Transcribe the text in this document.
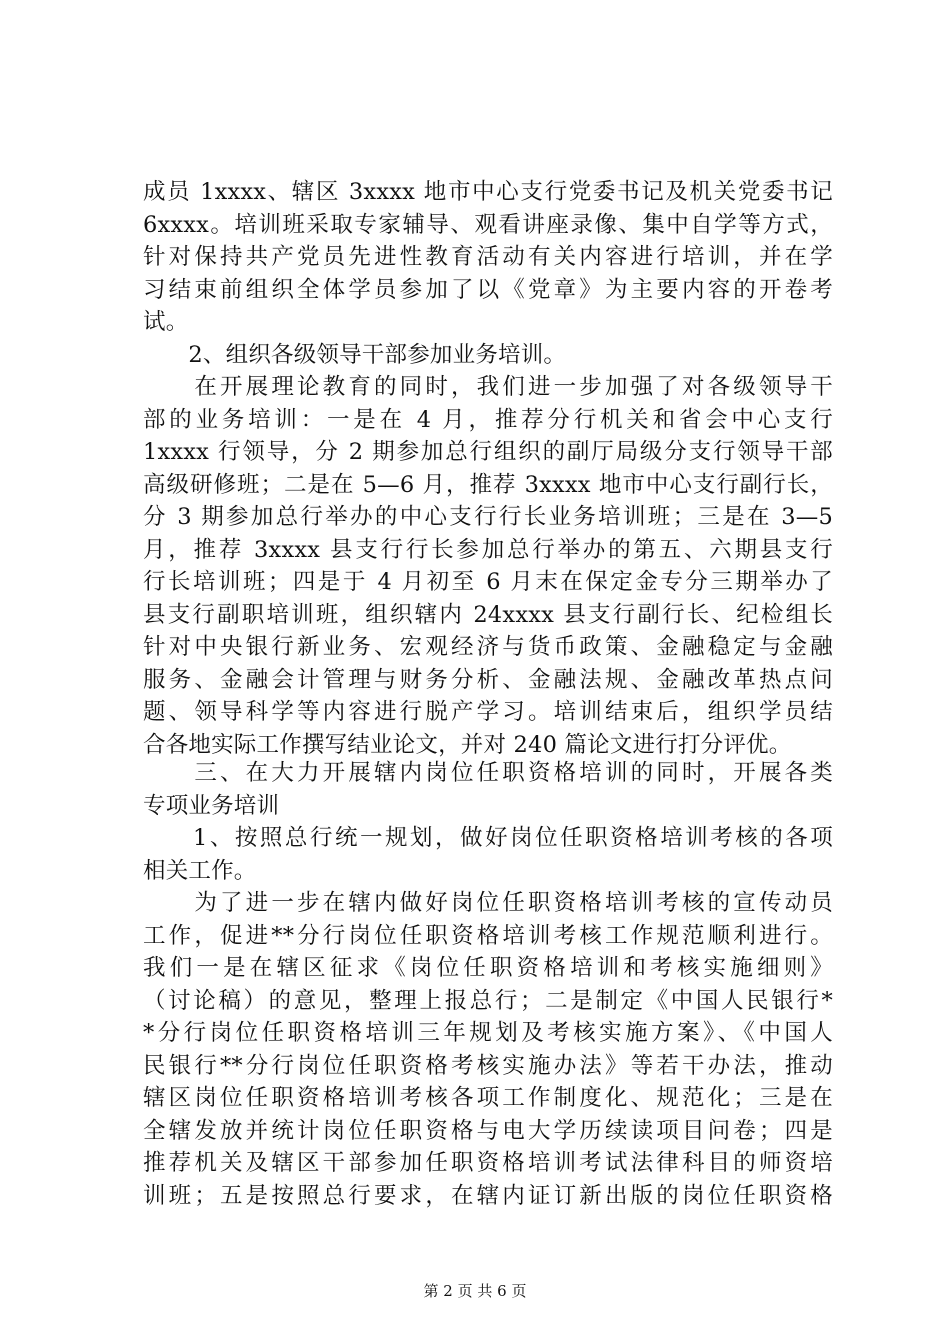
成员 1xxxx、辖区 3xxxx 地市中心支行党委书记及机关党委书记
6xxxx。培训班采取专家辅导、观看讲座录像、集中自学等方式，
针对保持共产党员先进性教育活动有关内容进行培训，并在学
习结束前组织全体学员参加了以《党章》为主要内容的开卷考
试。
　　2、组织各级领导干部参加业务培训。
　　在开展理论教育的同时，我们进一步加强了对各级领导干
部的业务培训：一是在 4 月，推荐分行机关和省会中心支行
1xxxx 行领导，分 2 期参加总行组织的副厅局级分支行领导干部
高级研修班；二是在 5—6 月，推荐 3xxxx 地市中心支行副行长，
分 3 期参加总行举办的中心支行行长业务培训班；三是在 3—5
月，推荐 3xxxx 县支行行长参加总行举办的第五、六期县支行
行长培训班；四是于 4 月初至 6 月末在保定金专分三期举办了
县支行副职培训班，组织辖内 24xxxx 县支行副行长、纪检组长
针对中央银行新业务、宏观经济与货币政策、金融稳定与金融
服务、金融会计管理与财务分析、金融法规、金融改革热点问
题、领导科学等内容进行脱产学习。培训结束后，组织学员结
合各地实际工作撰写结业论文，并对 240 篇论文进行打分评优。
　　三、在大力开展辖内岗位任职资格培训的同时，开展各类
专项业务培训
　　1、按照总行统一规划，做好岗位任职资格培训考核的各项
相关工作。
　　为了进一步在辖内做好岗位任职资格培训考核的宣传动员
工作，促进**分行岗位任职资格培训考核工作规范顺利进行。
我们一是在辖区征求《岗位任职资格培训和考核实施细则》
（讨论稿）的意见，整理上报总行；二是制定《中国人民银行*
*分行岗位任职资格培训三年规划及考核实施方案》、《中国人
民银行**分行岗位任职资格考核实施办法》等若干办法，推动
辖区岗位任职资格培训考核各项工作制度化、规范化；三是在
全辖发放并统计岗位任职资格与电大学历续读项目问卷；四是
推荐机关及辖区干部参加任职资格培训考试法律科目的师资培
训班；五是按照总行要求，在辖内证订新出版的岗位任职资格
第 2 页 共 6 页
